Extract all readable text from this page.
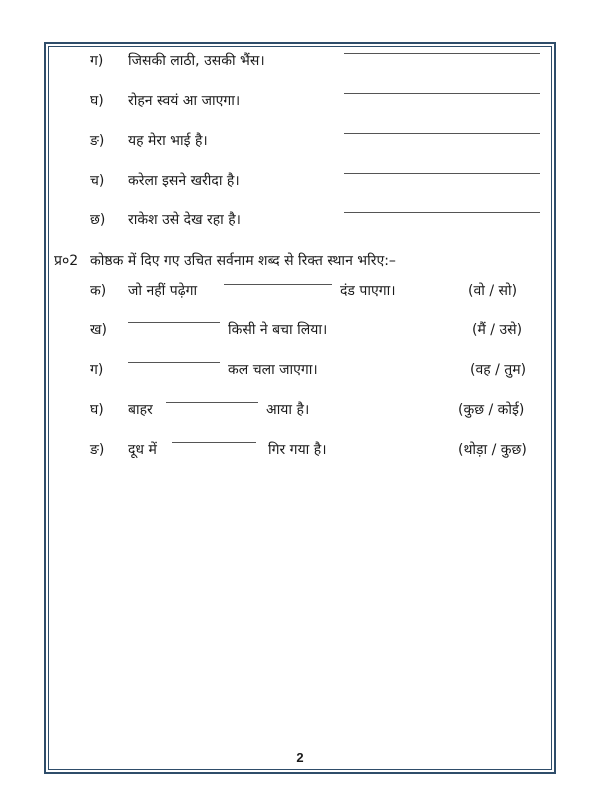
ग) जिसकी लाठी, उसकी भैंस।
घ) रोहन स्वयं आ जाएगा।
ङ) यह मेरा भाई है।
च) करेला इसने खरीदा है।
छ) राकेश उसे देख रहा है।
प्र०2 कोष्ठक में दिए गए उचित सर्वनाम शब्द से रिक्त स्थान भरिए:–
क) जो नहीं पढ़ेगा	दंड पाएगा।	(वो / सो)
ख)	किसी ने बचा लिया।	(मैं / उसे)
ग)	कल चला जाएगा।	(वह / तुम)
घ) बाहर	आया है।	(कुछ / कोई)
ङ) दूध में	गिर गया है।	(थोड़ा / कुछ)
2
